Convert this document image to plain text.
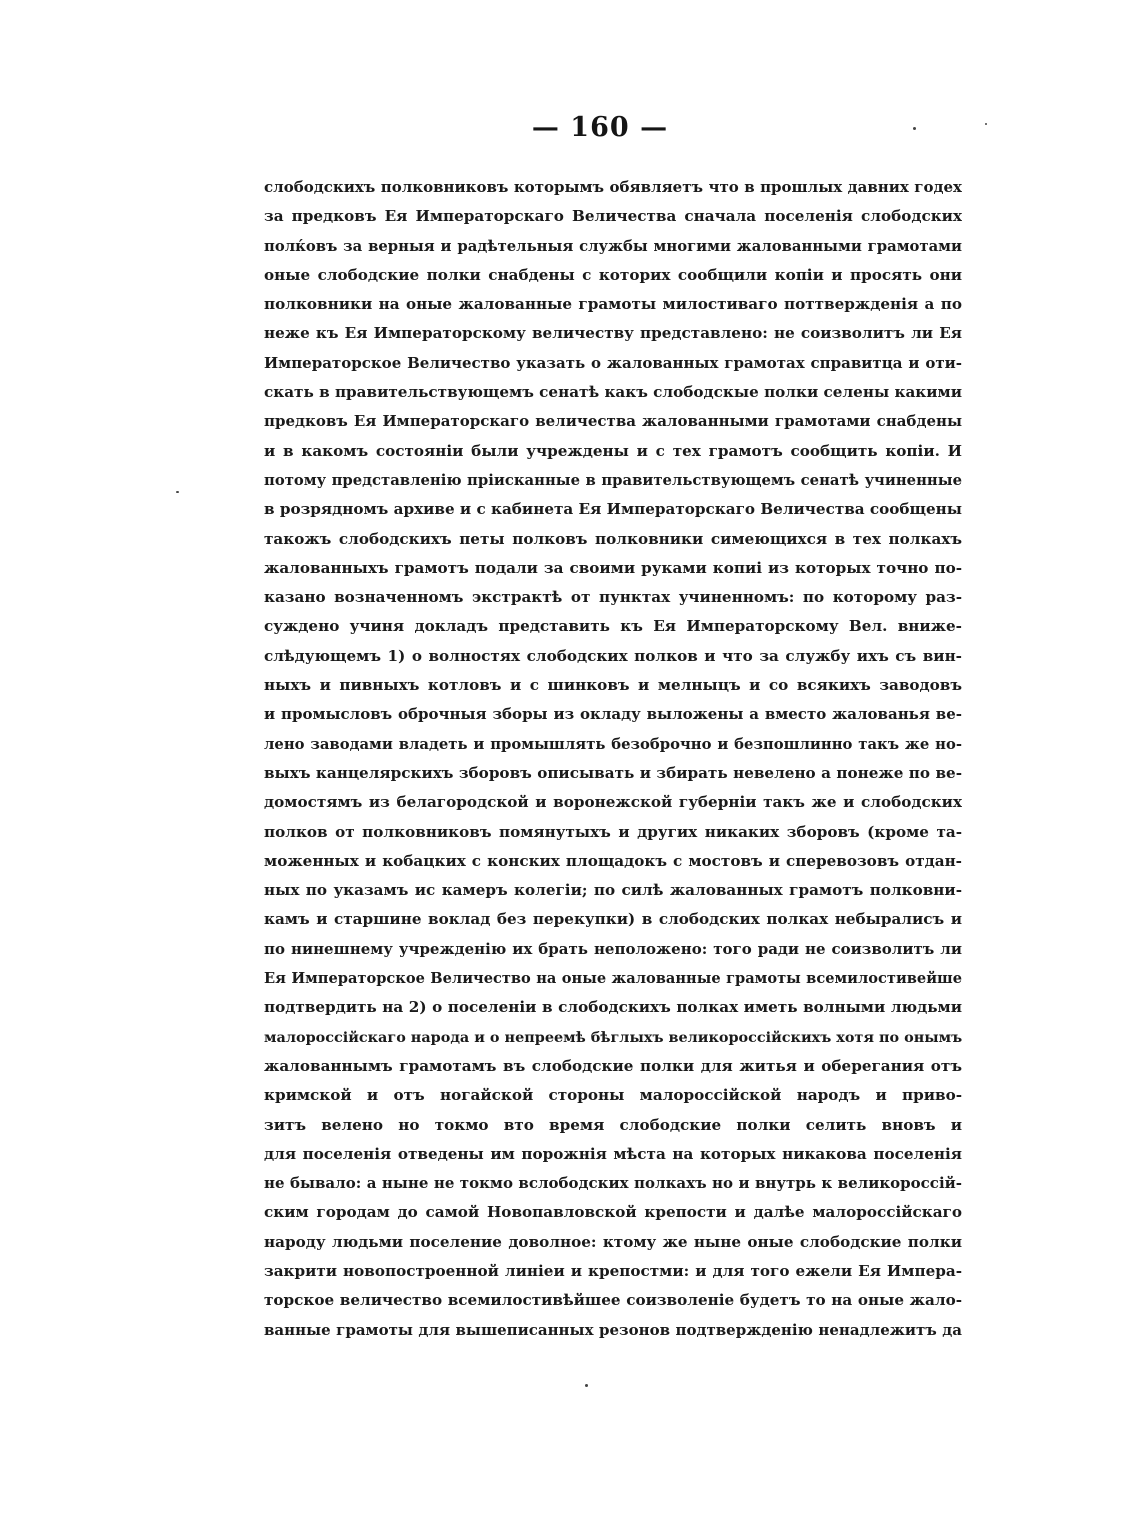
— 160 —
слободскихъ полковниковъ которымъ обявляетъ что в прошлых давних годех
за предковъ Ея Императорскаго Величества сначала поселенія слободских
полќовъ за верныя и радѣтельныя службы многими жалованными грамотами
оные слободские полки снабдены с которих сообщили копіи и просять они
полковники на оные жалованные грамоты милостиваго поттвержденія а по
неже къ Ея Императорскому величеству представлено: не соизволитъ ли Ея
Императорское Величество указать о жалованных грамотах справитца и оти-
скать в правительствующемъ сенатѣ какъ слободскые полки селены какими
предковъ Ея Императорскаго величества жалованными грамотами снабдены
и в какомъ состояніи были учреждены и с тех грамотъ сообщить копіи. И
потому представленію пріисканные в правительствующемъ сенатѣ учиненные
в розрядномъ архиве и с кабинета Ея Императорскаго Величества сообщены
такожъ слободскихъ петы полковъ полковники симеющихся в тех полкахъ
жалованныхъ грамотъ подали за своими руками копиі из которых точно по-
казано возначенномъ экстрактѣ от пунктах учиненномъ: по которому раз-
суждено учиня докладъ представить къ Ея Императорскому Вел. вниже-
слѣдующемъ 1) о волностях слободских полков и что за службу ихъ съ вин-
ныхъ и пивныхъ котловъ и с шинковъ и мелныцъ и со всякихъ заводовъ
и промысловъ оброчныя зборы из окладу выложены а вместо жалованья ве-
лено заводами владеть и промышлять безоброчно и безпошлинно такъ же но-
выхъ канцелярскихъ зборовъ описывать и збирать невелено а понеже по ве-
домостямъ из белагородской и воронежской губерніи такъ же и слободских
полков от полковниковъ помянутыхъ и других никаких зборовъ (кроме та-
моженных и кобацких с конских площадокъ с мостовъ и сперевозовъ отдан-
ных по указамъ ис камеръ колегіи; по силѣ жалованных грамотъ полковни-
камъ и старшине воклад без перекупки) в слободских полках небыралисъ и
по нинешнему учрежденію их брать неположено: того ради не соизволитъ ли
Ея Императорское Величество на оные жалованные грамоты всемилостивейше
подтвердить на 2) о поселеніи в слободскихъ полках иметь волными людьми
малороссійскаго народа и о непреемѣ бѣглыхъ великороссійскихъ хотя по онымъ
жалованнымъ грамотамъ въ слободские полки для житья и оберегания отъ
кримской и отъ ногайской стороны малороссійской народъ и приво-
зитъ велено но токмо вто время слободские полки селить вновъ и
для поселенія отведены им порожнія мѣста на которых никакова поселенія
не бывало: а ныне не токмо вслободских полкахъ но и внутрь к великороссій-
ским городам до самой Новопавловской крепости и далѣе малороссійскаго
народу людьми поселение доволное: ктому же ныне оные слободские полки
закрити новопостроенной линіеи и крепостми: и для того ежели Ея Импера-
торское величество всемилостивѣйшее соизволеніе будетъ то на оные жало-
ванные грамоты для вышеписанных резонов подтвержденію ненадлежитъ да
